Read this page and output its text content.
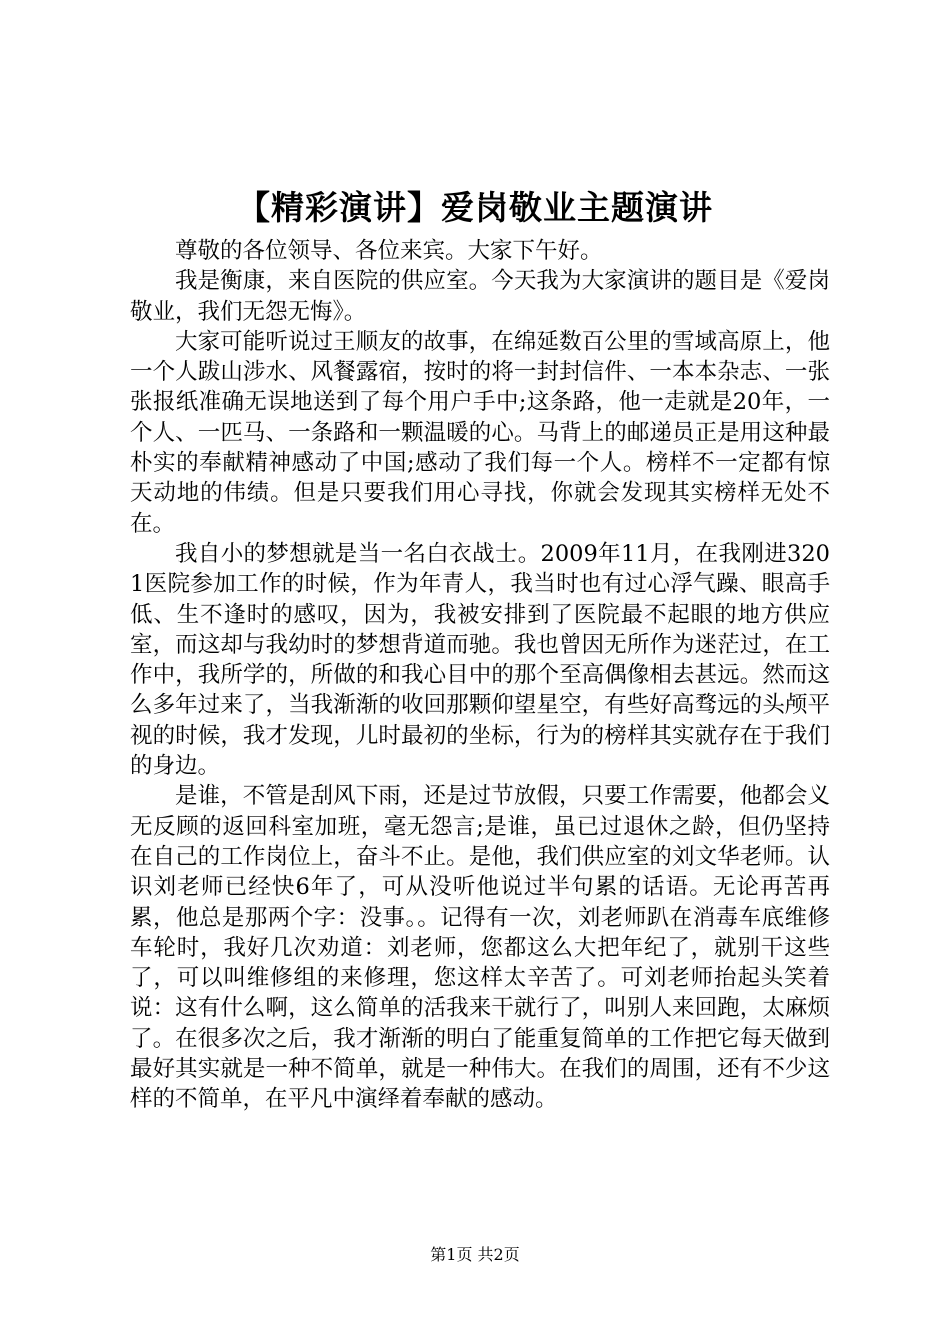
【精彩演讲】爱岗敬业主题演讲

尊敬的各位领导、各位来宾。大家下午好。

我是衡康，来自医院的供应室。今天我为大家演讲的题目是《爱岗敬业，我们无怨无悔》。

大家可能听说过王顺友的故事，在绵延数百公里的雪域高原上，他一个人跋山涉水、风餐露宿，按时的将一封封信件、一本本杂志、一张张报纸准确无误地送到了每个用户手中;这条路，他一走就是20年，一个人、一匹马、一条路和一颗温暖的心。马背上的邮递员正是用这种最朴实的奉献精神感动了中国;感动了我们每一个人。榜样不一定都有惊天动地的伟绩。但是只要我们用心寻找，你就会发现其实榜样无处不在。

我自小的梦想就是当一名白衣战士。2009年11月，在我刚进3201医院参加工作的时候，作为年青人，我当时也有过心浮气躁、眼高手低、生不逢时的感叹，因为，我被安排到了医院最不起眼的地方供应室，而这却与我幼时的梦想背道而驰。我也曾因无所作为迷茫过，在工作中，我所学的，所做的和我心目中的那个至高偶像相去甚远。然而这么多年过来了，当我渐渐的收回那颗仰望星空，有些好高骛远的头颅平视的时候，我才发现，儿时最初的坐标，行为的榜样其实就存在于我们的身边。

是谁，不管是刮风下雨，还是过节放假，只要工作需要，他都会义无反顾的返回科室加班，毫无怨言;是谁，虽已过退休之龄，但仍坚持在自己的工作岗位上，奋斗不止。是他，我们供应室的刘文华老师。认识刘老师已经快6年了，可从没听他说过半句累的话语。无论再苦再累，他总是那两个字：没事。。记得有一次，刘老师趴在消毒车底维修车轮时，我好几次劝道：刘老师，您都这么大把年纪了，就别干这些了，可以叫维修组的来修理，您这样太辛苦了。可刘老师抬起头笑着说：这有什么啊，这么简单的活我来干就行了，叫别人来回跑，太麻烦了。在很多次之后，我才渐渐的明白了能重复简单的工作把它每天做到最好其实就是一种不简单，就是一种伟大。在我们的周围，还有不少这样的不简单，在平凡中演绎着奉献的感动。

第1页 共2页
